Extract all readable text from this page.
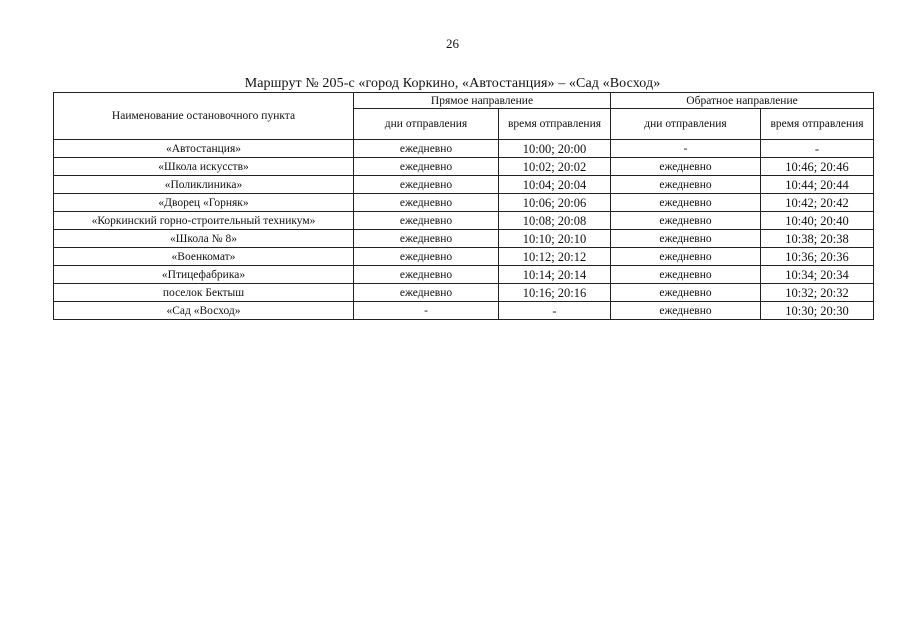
26
Маршрут № 205-с «город Коркино, «Автостанция» – «Сад «Восход»
Наименование остановочного пункта	Прямое направление		Обратное направление	
	дни отправления	время отправления	дни отправления	время отправления
«Автостанция»	ежедневно	10:00; 20:00	-	-
«Школа искусств»	ежедневно	10:02; 20:02	ежедневно	10:46; 20:46
«Поликлиника»	ежедневно	10:04; 20:04	ежедневно	10:44; 20:44
«Дворец «Горняк»	ежедневно	10:06; 20:06	ежедневно	10:42; 20:42
«Коркинский горно-строительный техникум»	ежедневно	10:08; 20:08	ежедневно	10:40; 20:40
«Школа № 8»	ежедневно	10:10; 20:10	ежедневно	10:38; 20:38
«Военкомат»	ежедневно	10:12; 20:12	ежедневно	10:36; 20:36
«Птицефабрика»	ежедневно	10:14; 20:14	ежедневно	10:34; 20:34
поселок Бектыш	ежедневно	10:16; 20:16	ежедневно	10:32; 20:32
«Сад «Восход»	-	-	ежедневно	10:30; 20:30
